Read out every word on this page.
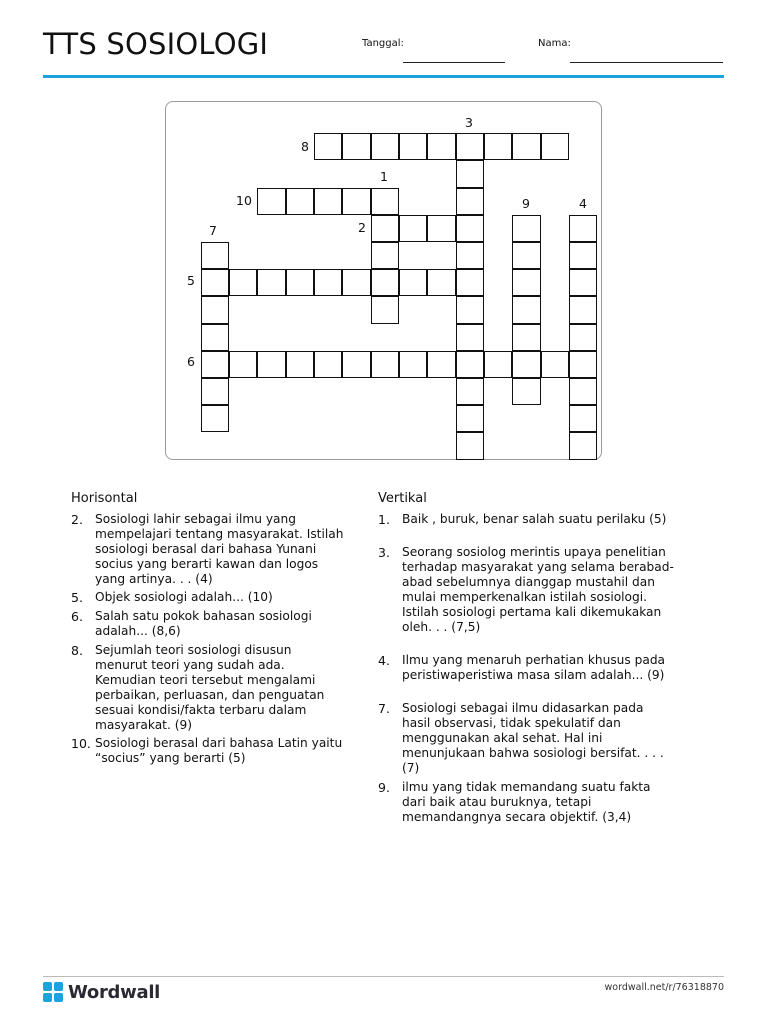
TTS SOSIOLOGI	Tanggal:	Nama:
3
8
1
10	9	4
7	2
5
6
Horisontal
2. Sosiologi lahir sebagai ilmu yang mempelajari tentang masyarakat. Istilah sosiologi berasal dari bahasa Yunani socius yang berarti kawan dan logos yang artinya. . . (4)
5. Objek sosiologi adalah... (10)
6. Salah satu pokok bahasan sosiologi adalah... (8,6)
8. Sejumlah teori sosiologi disusun menurut teori yang sudah ada. Kemudian teori tersebut mengalami perbaikan, perluasan, dan penguatan sesuai kondisi/fakta terbaru dalam masyarakat. (9)
10. Sosiologi berasal dari bahasa Latin yaitu “socius” yang berarti (5)
Vertikal
1. Baik , buruk, benar salah suatu perilaku (5)
3. Seorang sosiolog merintis upaya penelitian terhadap masyarakat yang selama berabad-abad sebelumnya dianggap mustahil dan mulai memperkenalkan istilah sosiologi. Istilah sosiologi pertama kali dikemukakan oleh. . . (7,5)
4. Ilmu yang menaruh perhatian khusus pada peristiwaperistiwa masa silam adalah... (9)
7. Sosiologi sebagai ilmu didasarkan pada hasil observasi, tidak spekulatif dan menggunakan akal sehat. Hal ini menunjukaan bahwa sosiologi bersifat. . . . (7)
9. ilmu yang tidak memandang suatu fakta dari baik atau buruknya, tetapi memandangnya secara objektif. (3,4)
Wordwall	wordwall.net/r/76318870
